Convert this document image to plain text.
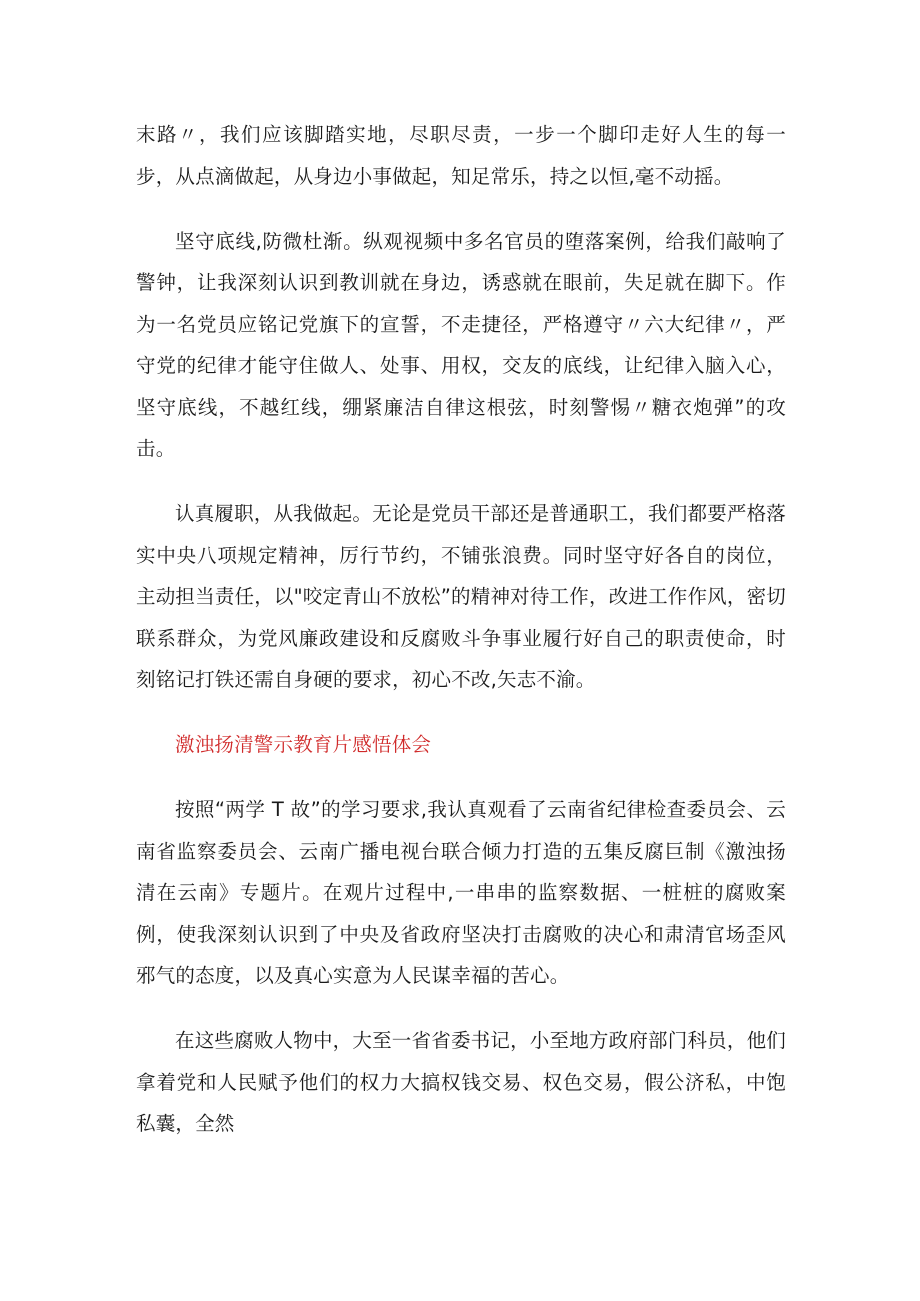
末路〃，我们应该脚踏实地，尽职尽责，一步一个脚印走好人生的每一步，从点滴做起，从身边小事做起，知足常乐，持之以恒,毫不动摇。

坚守底线,防微杜渐。纵观视频中多名官员的堕落案例，给我们敲响了警钟，让我深刻认识到教训就在身边，诱惑就在眼前，失足就在脚下。作为一名党员应铭记党旗下的宣誓，不走捷径，严格遵守〃六大纪律〃，严守党的纪律才能守住做人、处事、用权，交友的底线，让纪律入脑入心，坚守底线，不越红线，绷紧廉洁自律这根弦，时刻警惕〃糖衣炮弹”的攻击。

认真履职，从我做起。无论是党员干部还是普通职工，我们都要严格落实中央八项规定精神，厉行节约，不铺张浪费。同时坚守好各自的岗位，主动担当责任，以"咬定青山不放松”的精神对待工作，改进工作作风，密切联系群众，为党风廉政建设和反腐败斗争事业履行好自己的职责使命，时刻铭记打铁还需自身硬的要求，初心不改,矢志不渝。

激浊扬清警示教育片感悟体会

按照“两学 T 故”的学习要求,我认真观看了云南省纪律检查委员会、云南省监察委员会、云南广播电视台联合倾力打造的五集反腐巨制《激浊扬清在云南》专题片。在观片过程中,一串串的监察数据、一桩桩的腐败案例，使我深刻认识到了中央及省政府坚决打击腐败的决心和肃清官场歪风邪气的态度，以及真心实意为人民谋幸福的苦心。

在这些腐败人物中，大至一省省委书记，小至地方政府部门科员，他们拿着党和人民赋予他们的权力大搞权钱交易、权色交易，假公济私，中饱私囊，全然
